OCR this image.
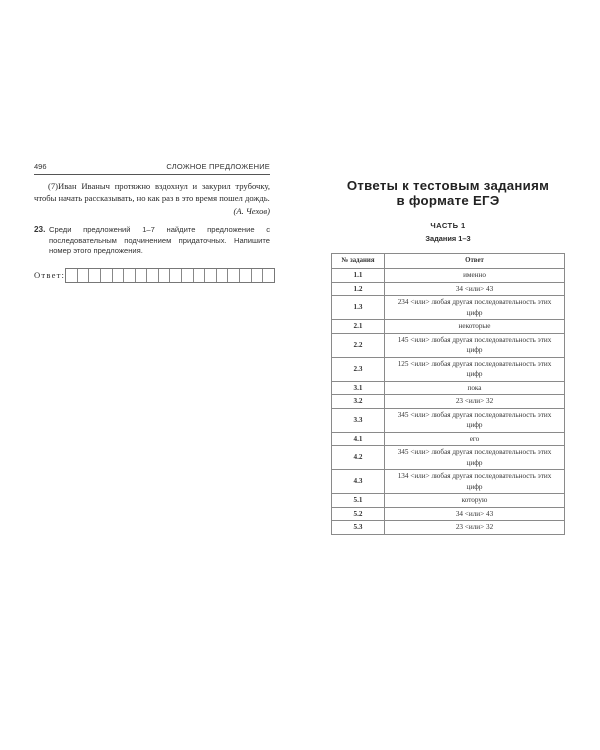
496	СЛОЖНОЕ ПРЕДЛОЖЕНИЕ

(7)Иван Иваныч протяжно вздохнул и закурил трубочку, чтобы начать рассказывать, но как раз в это время пошел дождь.

(А. Чехов)
23. Среди предложений 1–7 найдите предложение с последовательным подчинением придаточных. Напишите номер этого предложения.
Ответ:
Ответы к тестовым заданиям
в формате ЕГЭ
ЧАСТЬ 1
Задания 1–3
№ задания	Ответ
1.1	именно
1.2	34 <или> 43
1.3	234 <или> любая другая последовательность этих цифр
2.1	некоторые
2.2	145 <или> любая другая последовательность этих цифр
2.3	125 <или> любая другая последовательность этих цифр
3.1	пока
3.2	23 <или> 32
3.3	345 <или> любая другая последовательность этих цифр
4.1	его
4.2	345 <или> любая другая последовательность этих цифр
4.3	134 <или> любая другая последовательность этих цифр
5.1	которую
5.2	34 <или> 43
5.3	23 <или> 32
